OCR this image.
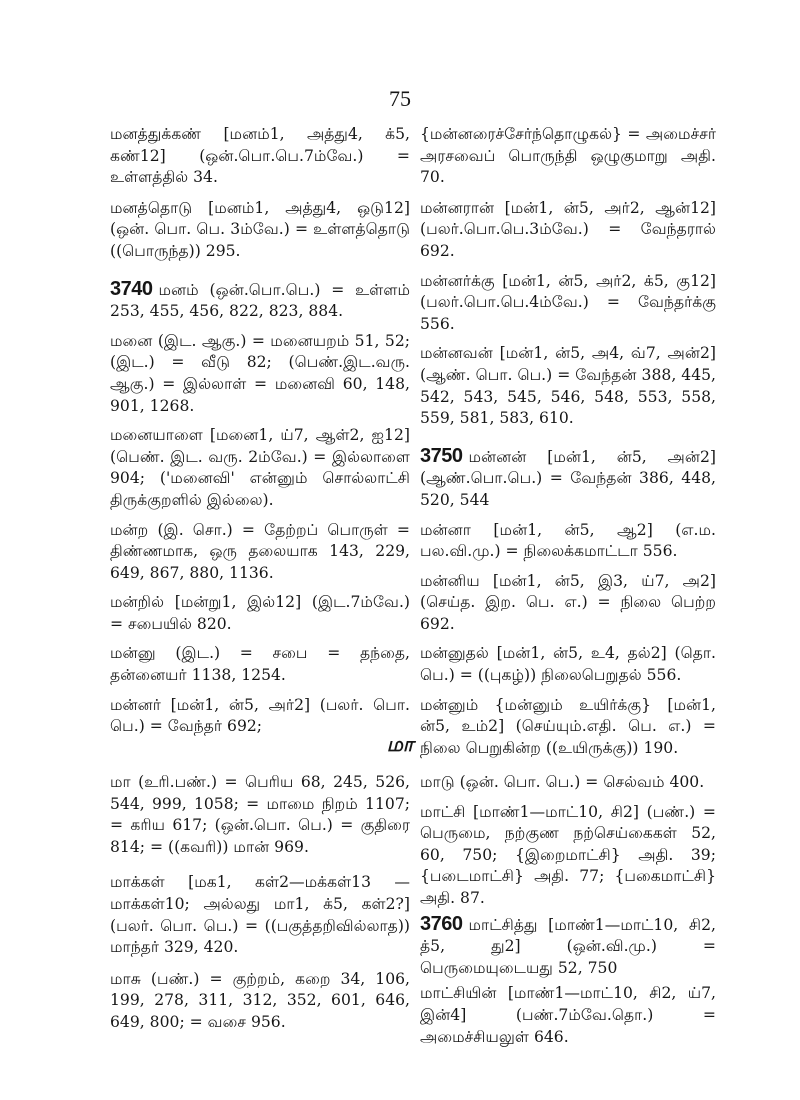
75

மனத்துக்கண் [மனம்1, அத்து4, க்5, கண்12] (ஒன்.பொ.பெ.7ம்வே.) = உள்ளத்தில் 34.

மனத்தொடு [மனம்1, அத்து4, ஒடு12] (ஒன். பொ. பெ. 3ம்வே.) = உள்ளத்தொடு ((பொருந்த)) 295.

3740 மனம் (ஒன்.பொ.பெ.) = உள்ளம் 253, 455, 456, 822, 823, 884.

மனை (இட. ஆகு.) = மனையறம் 51, 52; (இட.) = வீடு 82; (பெண்.இட.வரு. ஆகு.) = இல்லாள் = மனைவி 60, 148, 901, 1268.

மனையாளை [மனை1, ய்7, ஆள்2, ஐ12] (பெண். இட. வரு. 2ம்வே.) = இல்லாளை 904; ('மனைவி' என்னும் சொல்லாட்சி திருக்குறளில் இல்லை).

மன்ற (இ. சொ.) = தேற்றப் பொருள் = திண்ணமாக, ஒரு தலையாக 143, 229, 649, 867, 880, 1136.

மன்றில் [மன்று1, இல்12] (இட.7ம்வே.) = சபையில் 820.

மன்னு (இட.) = சபை = தந்தை, தன்னையர் 1138, 1254.

மன்னர் [மன்1, ன்5, அர்2] (பலர். பொ. பெ.) = வேந்தர் 692;

{மன்னரைச்சேர்ந்தொழுகல்} = அமைச்சர் அரசவைப் பொருந்தி ஒழுகுமாறு அதி. 70.

மன்னரான் [மன்1, ன்5, அர்2, ஆன்12] (பலர்.பொ.பெ.3ம்வே.) = வேந்தரால் 692.

மன்னர்க்கு [மன்1, ன்5, அர்2, க்5, கு12] (பலர்.பொ.பெ.4ம்வே.) = வேந்தர்க்கு 556.

மன்னவன் [மன்1, ன்5, அ4, வ்7, அன்2] (ஆண். பொ. பெ.) = வேந்தன் 388, 445, 542, 543, 545, 546, 548, 553, 558, 559, 581, 583, 610.

3750 மன்னன் [மன்1, ன்5, அன்2] (ஆண்.பொ.பெ.) = வேந்தன் 386, 448, 520, 544

மன்னா [மன்1, ன்5, ஆ2] (எ.ம. பல.வி.மு.) = நிலைக்கமாட்டா 556.

மன்னிய [மன்1, ன்5, இ3, ய்7, அ2] (செய்த. இற. பெ. எ.) = நிலை பெற்ற 692.

மன்னுதல் [மன்1, ன்5, உ4, தல்2] (தொ. பெ.) = ((புகழ்)) நிலைபெறுதல் 556.

மன்னும் {மன்னும் உயிர்க்கு} [மன்1, ன்5, உம்2] (செய்யும்.எதி. பெ. எ.) = நிலை பெறுகின்ற ((உயிருக்கு)) 190.

மா

மா (உரி.பண்.) = பெரிய 68, 245, 526, 544, 999, 1058; = மாமை நிறம் 1107; = கரிய 617; (ஒன்.பொ. பெ.) = குதிரை 814; = ((கவரி)) மான் 969.

மாக்கள் [மக1, கள்2—மக்கள்13 —மாக்கள்10; அல்லது மா1, க்5, கள்2?] (பலர். பொ. பெ.) = ((பகுத்தறிவில்லாத)) மாந்தர் 329, 420.

மாசு (பண்.) = குற்றம், கறை 34, 106, 199, 278, 311, 312, 352, 601, 646, 649, 800; = வசை 956.

மாடு (ஒன். பொ. பெ.) = செல்வம் 400.

மாட்சி [மாண்1—மாட்10, சி2] (பண்.) = பெருமை, நற்குண நற்செய்கைகள் 52, 60, 750; {இறைமாட்சி} அதி. 39; {படைமாட்சி} அதி. 77; {பகைமாட்சி} அதி. 87.

3760 மாட்சித்து [மாண்1—மாட்10, சி2, த்5, து2] (ஒன்.வி.மு.) = பெருமையுடையது 52, 750

மாட்சியின் [மாண்1—மாட்10, சி2, ய்7, இன்4] (பண்.7ம்வே.தொ.) = அமைச்சியலுள் 646.
